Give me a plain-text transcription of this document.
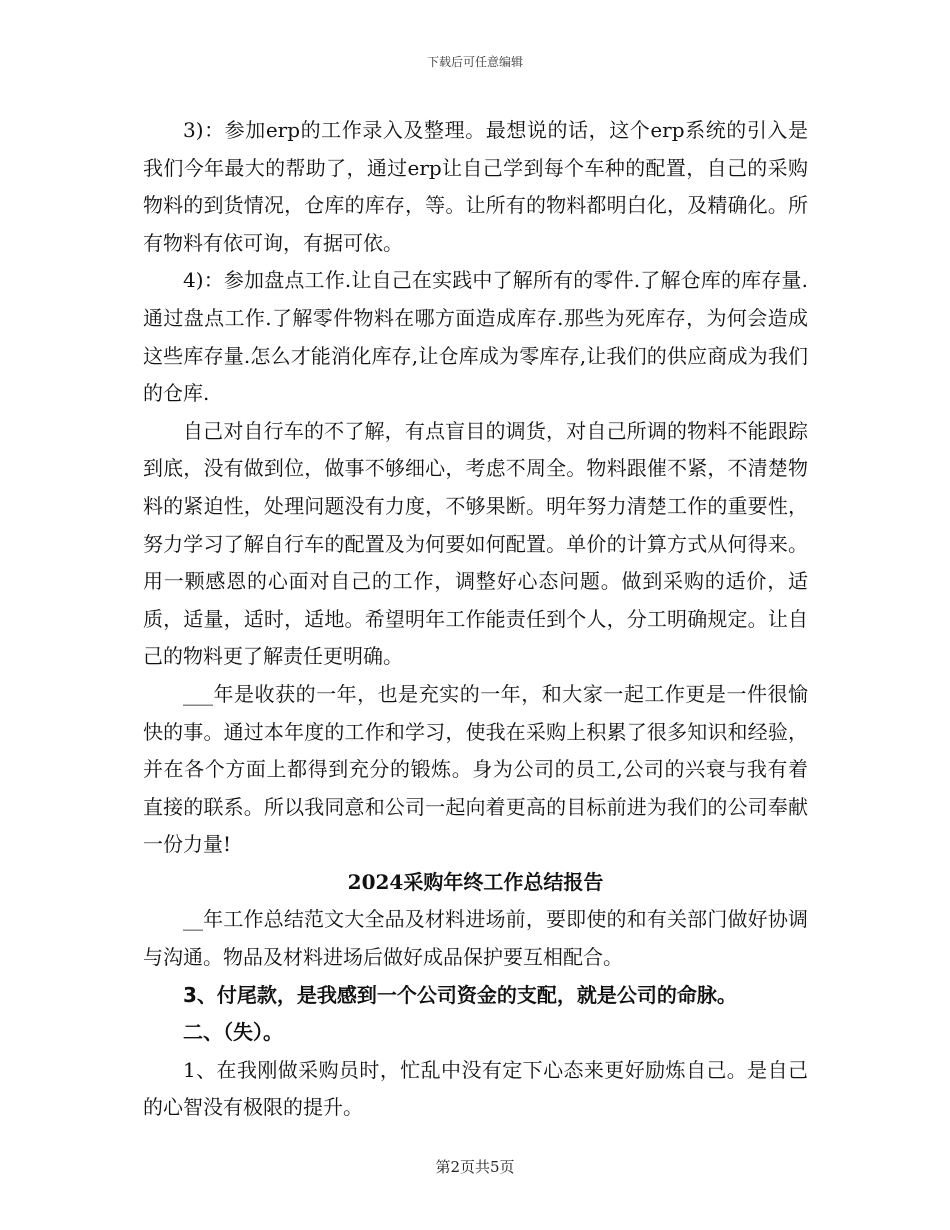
下载后可任意编辑

3)：参加erp的工作录入及整理。最想说的话，这个erp系统的引入是我们今年最大的帮助了，通过erp让自己学到每个车种的配置，自己的采购物料的到货情况，仓库的库存，等。让所有的物料都明白化，及精确化。所有物料有依可询，有据可依。

4)：参加盘点工作.让自己在实践中了解所有的零件.了解仓库的库存量.通过盘点工作.了解零件物料在哪方面造成库存.那些为死库存，为何会造成这些库存量.怎么才能消化库存,让仓库成为零库存,让我们的供应商成为我们的仓库.

自己对自行车的不了解，有点盲目的调货，对自己所调的物料不能跟踪到底，没有做到位，做事不够细心，考虑不周全。物料跟催不紧，不清楚物料的紧迫性，处理问题没有力度，不够果断。明年努力清楚工作的重要性，努力学习了解自行车的配置及为何要如何配置。单价的计算方式从何得来。用一颗感恩的心面对自己的工作，调整好心态问题。做到采购的适价，适质，适量，适时，适地。希望明年工作能责任到个人，分工明确规定。让自己的物料更了解责任更明确。

___年是收获的一年，也是充实的一年，和大家一起工作更是一件很愉快的事。通过本年度的工作和学习，使我在采购上积累了很多知识和经验，并在各个方面上都得到充分的锻炼。身为公司的员工,公司的兴衰与我有着直接的联系。所以我同意和公司一起向着更高的目标前进为我们的公司奉献一份力量!

2024采购年终工作总结报告

__年工作总结范文大全品及材料进场前，要即使的和有关部门做好协调与沟通。物品及材料进场后做好成品保护要互相配合。

3、付尾款，是我感到一个公司资金的支配，就是公司的命脉。

二、（失）。

1、在我刚做采购员时，忙乱中没有定下心态来更好励炼自己。是自己的心智没有极限的提升。

第2页共5页
